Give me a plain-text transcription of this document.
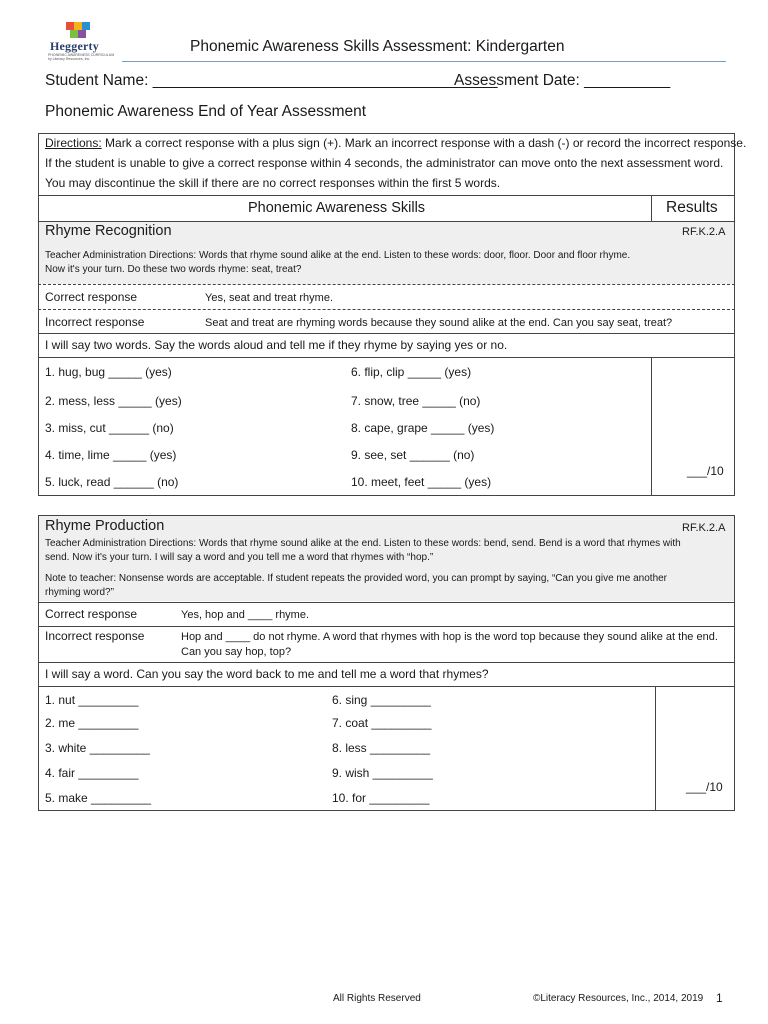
Heggerty
PHONEMIC AWARENESS CURRICULUM by Literacy Resources, Inc.
Phonemic Awareness Skills Assessment: Kindergarten
Student Name: ________________________________________
Assessment Date: __________
Phonemic Awareness End of Year Assessment
Directions: Mark a correct response with a plus sign (+). Mark an incorrect response with a dash (-) or record the incorrect response.
If the student is unable to give a correct response within 4 seconds, the administrator can move onto the next assessment word.
You may discontinue the skill if there are no correct responses within the first 5 words.
Phonemic Awareness Skills	Results
Rhyme Recognition	RF.K.2.A
Teacher Administration Directions: Words that rhyme sound alike at the end. Listen to these words: door, floor. Door and floor rhyme.
Now it's your turn. Do these two words rhyme: seat, treat?
Correct response	Yes, seat and treat rhyme.
Incorrect response	Seat and treat are rhyming words because they sound alike at the end. Can you say seat, treat?
I will say two words. Say the words aloud and tell me if they rhyme by saying yes or no.
1. hug, bug _____ (yes)
2. mess, less _____ (yes)
3. miss, cut ______ (no)
4. time, lime _____ (yes)
5. luck, read ______ (no)
6. flip, clip _____ (yes)
7. snow, tree _____ (no)
8. cape, grape _____ (yes)
9. see, set ______ (no)
10. meet, feet _____ (yes)
___/10
Rhyme Production	RF.K.2.A
Teacher Administration Directions: Words that rhyme sound alike at the end. Listen to these words: bend, send. Bend is a word that rhymes with
send. Now it's your turn. I will say a word and you tell me a word that rhymes with “hop.”
Note to teacher: Nonsense words are acceptable. If student repeats the provided word, you can prompt by saying, “Can you give me another
rhyming word?”
Correct response	Yes, hop and ____ rhyme.
Incorrect response	Hop and ____ do not rhyme. A word that rhymes with hop is the word top because they sound alike at the end.
Can you say hop, top?
I will say a word. Can you say the word back to me and tell me a word that rhymes?
1. nut _________
2. me _________
3. white _________
4. fair _________
5. make _________
6. sing _________
7. coat _________
8. less _________
9. wish _________
10. for _________
___/10
All Rights Reserved	©Literacy Resources, Inc., 2014, 2019 1
